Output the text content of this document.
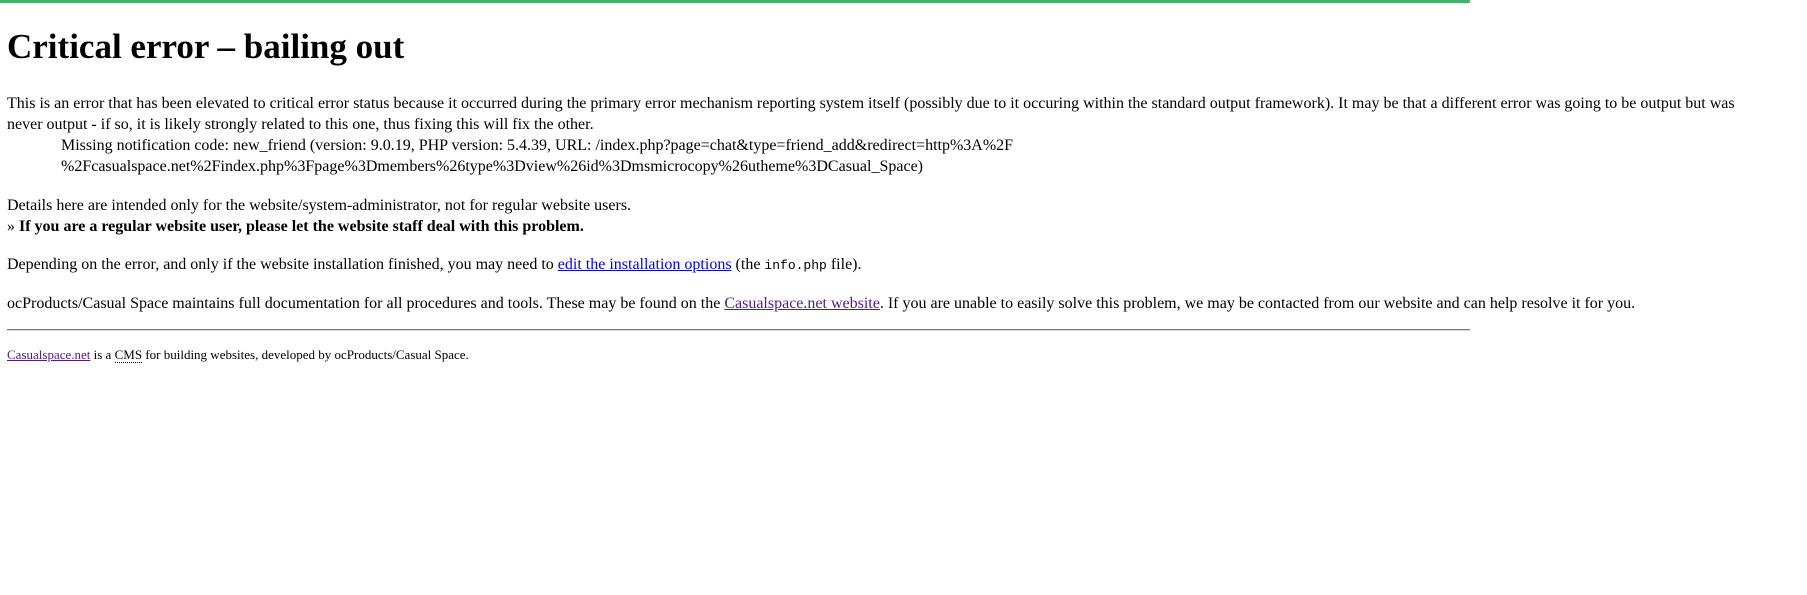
Critical error – bailing out
This is an error that has been elevated to critical error status because it occurred during the primary error mechanism reporting system itself (possibly due to it occuring within the standard output framework). It may be that a different error was going to be output but was
never output - if so, it is likely strongly related to this one, thus fixing this will fix the other.
Missing notification code: new_friend (version: 9.0.19, PHP version: 5.4.39, URL: /index.php?page=chat&type=friend_add&redirect=http%3A%2F
%2Fcasualspace.net%2Findex.php%3Fpage%3Dmembers%26type%3Dview%26id%3Dmsmicrocopy%26utheme%3DCasual_Space)
Details here are intended only for the website/system-administrator, not for regular website users.
» If you are a regular website user, please let the website staff deal with this problem.
Depending on the error, and only if the website installation finished, you may need to edit the installation options (the info.php file).
ocProducts/Casual Space maintains full documentation for all procedures and tools. These may be found on the Casualspace.net website. If you are unable to easily solve this problem, we may be contacted from our website and can help resolve it for you.
Casualspace.net is a CMS for building websites, developed by ocProducts/Casual Space.
